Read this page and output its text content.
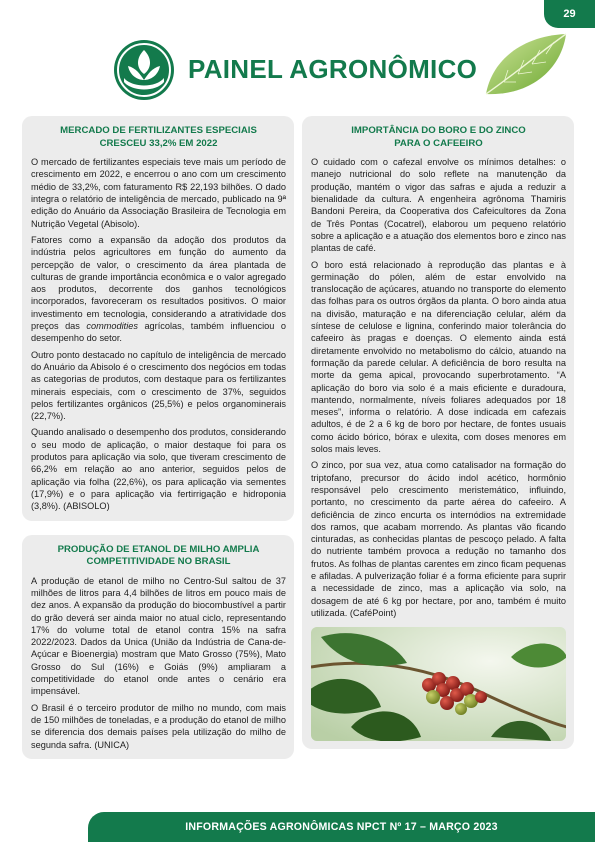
29
PAINEL AGRONÔMICO
MERCADO DE FERTILIZANTES ESPECIAIS
CRESCEU 33,2% EM 2022

O mercado de fertilizantes especiais teve mais um período de crescimento em 2022, e encerrou o ano com um crescimento médio de 33,2%, com faturamento R$ 22,193 bilhões. O dado integra o relatório de inteligência de mercado, publicado na 9ª edição do Anuário da Associação Brasileira de Tecnologia em Nutrição Vegetal (Abisolo).

Fatores como a expansão da adoção dos produtos da indústria pelos agricultores em função do aumento da percepção de valor, o crescimento da área plantada de culturas de grande importância econômica e o valor agregado aos produtos, decorrente dos ganhos tecnológicos incorporados, favoreceram os resultados positivos. O maior investimento em tecnologia, considerando a atratividade dos preços das commodities agrícolas, também influenciou o desempenho do setor.

Outro ponto destacado no capítulo de inteligência de mercado do Anuário da Abisolo é o crescimento dos negócios em todas as categorias de produtos, com destaque para os fertilizantes minerais especiais, com o crescimento de 37%, seguidos pelos fertilizantes orgânicos (25,5%) e pelos organominerais (22,7%).

Quando analisado o desempenho dos produtos, considerando o seu modo de aplicação, o maior destaque foi para os produtos para aplicação via solo, que tiveram crescimento de 66,2% em relação ao ano anterior, seguidos pelos de aplicação via folha (22,6%), os para aplicação via sementes (17,9%) e o para aplicação via fertirrigação e hidroponia (3,8%). (ABISOLO)

PRODUÇÃO DE ETANOL DE MILHO AMPLIA
COMPETITIVIDADE NO BRASIL

A produção de etanol de milho no Centro-Sul saltou de 37 milhões de litros para 4,4 bilhões de litros em pouco mais de dez anos. A expansão da produção do biocombustível a partir do grão deverá ser ainda maior no atual ciclo, representando 17% do volume total de etanol contra 15% na safra 2022/2023. Dados da Unica (União da Indústria de Cana-de-Açúcar e Bioenergia) mostram que Mato Grosso (75%), Mato Grosso do Sul (16%) e Goiás (9%) ampliaram a competitividade do etanol onde antes o cenário era impensável.

O Brasil é o terceiro produtor de milho no mundo, com mais de 150 milhões de toneladas, e a produção do etanol de milho se diferencia dos demais países pela utilização do milho de segunda safra. (UNICA)

IMPORTÂNCIA DO BORO E DO ZINCO
PARA O CAFEEIRO

O cuidado com o cafezal envolve os mínimos detalhes: o manejo nutricional do solo reflete na manutenção da produção, mantém o vigor das safras e ajuda a reduzir a bienalidade da cultura. A engenheira agrônoma Thamiris Bandoni Pereira, da Cooperativa dos Cafeicultores da Zona de Três Pontas (Cocatrel), elaborou um pequeno relatório sobre a aplicação e a atuação dos elementos boro e zinco nas plantas de café.

O boro está relacionado à reprodução das plantas e à germinação do pólen, além de estar envolvido na translocação de açúcares, atuando no transporte do elemento das folhas para os outros órgãos da planta. O boro ainda atua na divisão, maturação e na diferenciação celular, além da síntese de celulose e lignina, conferindo maior tolerância do cafeeiro às pragas e doenças. O elemento ainda está diretamente envolvido no metabolismo do cálcio, atuando na formação da parede celular. A deficiência de boro resulta na morte da gema apical, provocando superbrotamento. “A aplicação do boro via solo é a mais eficiente e duradoura, mantendo, normalmente, níveis foliares adequados por 18 meses”, informa o relatório. A dose indicada em cafezais adultos, é de 2 a 6 kg de boro por hectare, de fontes usuais como ácido bórico, bórax e ulexita, com doses menores em solos mais leves.

O zinco, por sua vez, atua como catalisador na formação do triptofano, precursor do ácido indol acético, hormônio responsável pelo crescimento meristemático, influindo, portanto, no crescimento da parte aérea do cafeeiro. A deficiência de zinco encurta os internódios na extremidade dos ramos, que acabam morrendo. As plantas vão ficando cinturadas, as conhecidas plantas de pescoço pelado. A falta do nutriente também provoca a redução no tamanho dos frutos. As folhas de plantas carentes em zinco ficam pequenas e afiladas. A pulverização foliar é a forma eficiente para suprir a necessidade de zinco, mas a aplicação via solo, na dosagem de até 6 kg por hectare, por ano, também é muito utilizada. (CaféPoint)

INFORMAÇÕES AGRONÔMICAS NPCT Nº 17 – MARÇO 2023
